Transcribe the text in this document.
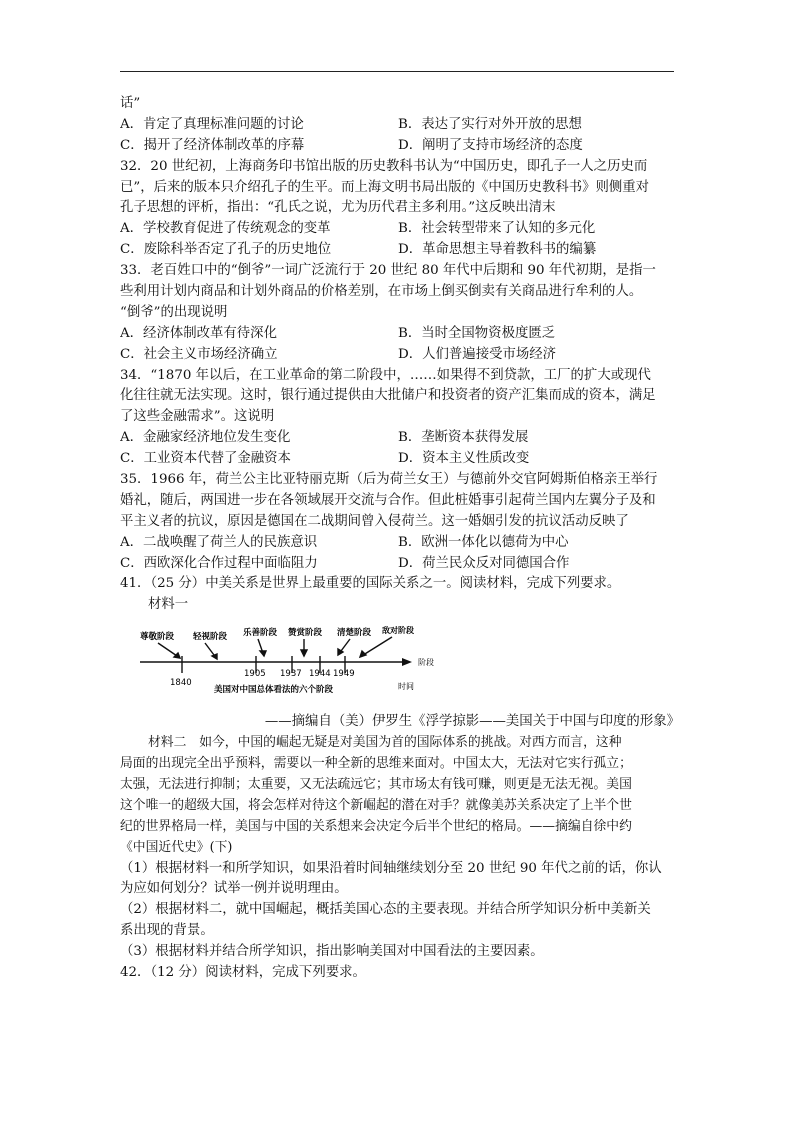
话”
A．肯定了真理标准问题的讨论	B．表达了实行对外开放的思想
C．揭开了经济体制改革的序幕	D．阐明了支持市场经济的态度
32．20 世纪初，上海商务印书馆出版的历史教科书认为“中国历史，即孔子一人之历史而
已”，后来的版本只介绍孔子的生平。而上海文明书局出版的《中国历史教科书》则侧重对
孔子思想的评析，指出：“孔氏之说，尤为历代君主多利用。”这反映出清末
A．学校教育促进了传统观念的变革	B．社会转型带来了认知的多元化
C．废除科举否定了孔子的历史地位	D．革命思想主导着教科书的编纂
33．老百姓口中的“倒爷”一词广泛流行于 20 世纪 80 年代中后期和 90 年代初期，是指一
些利用计划内商品和计划外商品的价格差别，在市场上倒买倒卖有关商品进行牟利的人。
“倒爷”的出现说明
A．经济体制改革有待深化	B．当时全国物资极度匮乏
C．社会主义市场经济确立	D．人们普遍接受市场经济
34．“1870 年以后，在工业革命的第二阶段中，……如果得不到贷款，工厂的扩大或现代
化往往就无法实现。这时，银行通过提供由大批储户和投资者的资产汇集而成的资本，满足
了这些金融需求”。这说明
A．金融家经济地位发生变化	B．垄断资本获得发展
C．工业资本代替了金融资本	D．资本主义性质改变
35．1966 年，荷兰公主比亚特丽克斯（后为荷兰女王）与德前外交官阿姆斯伯格亲王举行
婚礼，随后，两国进一步在各领域展开交流与合作。但此桩婚事引起荷兰国内左翼分子及和
平主义者的抗议，原因是德国在二战期间曾入侵荷兰。这一婚姻引发的抗议活动反映了
A．二战唤醒了荷兰人的民族意识	B．欧洲一体化以德荷为中心
C．西欧深化合作过程中面临阻力	D．荷兰民众反对同德国合作
41．（25 分）中美关系是世界上最重要的国际关系之一。阅读材料，完成下列要求。
材料一
尊敬阶段 轻视阶段 乐善阶段 赞赏阶段 清楚阶段 敌对阶段
阶段
1840
1905 1937 1944 1949
时间
美国对中国总体看法的六个阶段
——摘编自（美）伊罗生《浮学掠影——美国关于中国与印度的形象》
材料二　如今，中国的崛起无疑是对美国为首的国际体系的挑战。对西方而言，这种
局面的出现完全出乎预料，需要以一种全新的思维来面对。中国太大，无法对它实行孤立；
太强，无法进行抑制；太重要，又无法疏远它；其市场太有钱可赚，则更是无法无视。美国
这个唯一的超级大国，将会怎样对待这个新崛起的潜在对手？就像美苏关系决定了上半个世
纪的世界格局一样，美国与中国的关系想来会决定今后半个世纪的格局。——摘编自徐中约
《中国近代史》(下)
（1）根据材料一和所学知识，如果沿着时间轴继续划分至 20 世纪 90 年代之前的话，你认
为应如何划分？试举一例并说明理由。
（2）根据材料二，就中国崛起，概括美国心态的主要表现。并结合所学知识分析中美新关
系出现的背景。
（3）根据材料并结合所学知识，指出影响美国对中国看法的主要因素。
42．（12 分）阅读材料，完成下列要求。
